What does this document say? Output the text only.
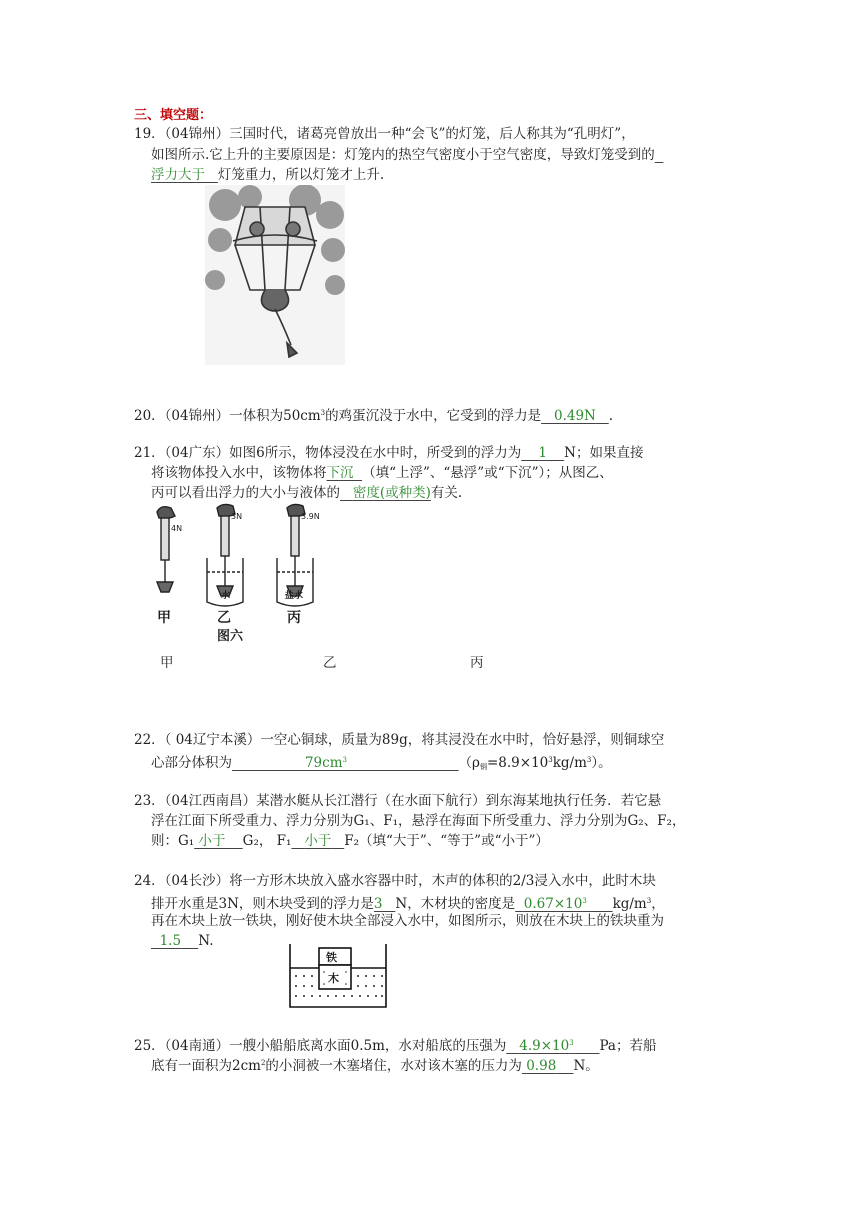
三、填空题：
19．（04锦州）三国时代，诸葛亮曾放出一种“会飞”的灯笼，后人称其为“孔明灯”，
如图所示.它上升的主要原因是：灯笼内的热空气密度小于空气密度，导致灯笼受到的
浮力大于 灯笼重力，所以灯笼才上升.
20．（04锦州）一体积为$50cm^3$的鸡蛋沉没于水中，它受到的浮力是 0.49N .
21．（04广东）如图6所示，物体浸没在水中时，所受到的浮力为 1 N；如果直接
将该物体投入水中，该物体将下沉 （填“上浮”、“悬浮”或“下沉”）；从图乙、
丙可以看出浮力的大小与液体的 密度(或种类)有关.
4N
3N	3.9N
水	盐水
甲	乙	丙
图六
甲	乙	丙
22．（ 04辽宁本溪）一空心铜球，质量为89g，将其浸没在水中时，恰好悬浮，则铜球空
心部分体积为	$79cm^3$	$(\rho_铜=8.9\times 10^3kg/m^3)$。
23．（04江西南昌）某潜水艇从长江潜行（在水面下航行）到东海某地执行任务．若它悬
浮在江面下所受重力、浮力分别为G₁、F₁，悬浮在海面下所受重力、浮力分别为G₂、F₂，
则：G₁ 小于 G₂， F₁ 小于 F₂（填“大于”、“等于”或“小于”）
24．（04长沙）将一方形木块放入盛水容器中时，木声的体积的2/3浸入水中，此时木块
排开水重是3N，则木块受到的浮力是3 N，木材块的密度是 $0.67\times 10^3$ $kg/m^3$，
再在木块上放一铁块，刚好使木块全部浸入水中，如图所示，则放在木块上的铁块重为
1.5 N.
铁
木
25．（04南通）一艘小船船底离水面0.5m，水对船底的压强为 $4.9\times 10^3$ Pa；若船
底有一面积为$2cm^2$的小洞被一木塞堵住，水对该木塞的压力为 0.98 N。
